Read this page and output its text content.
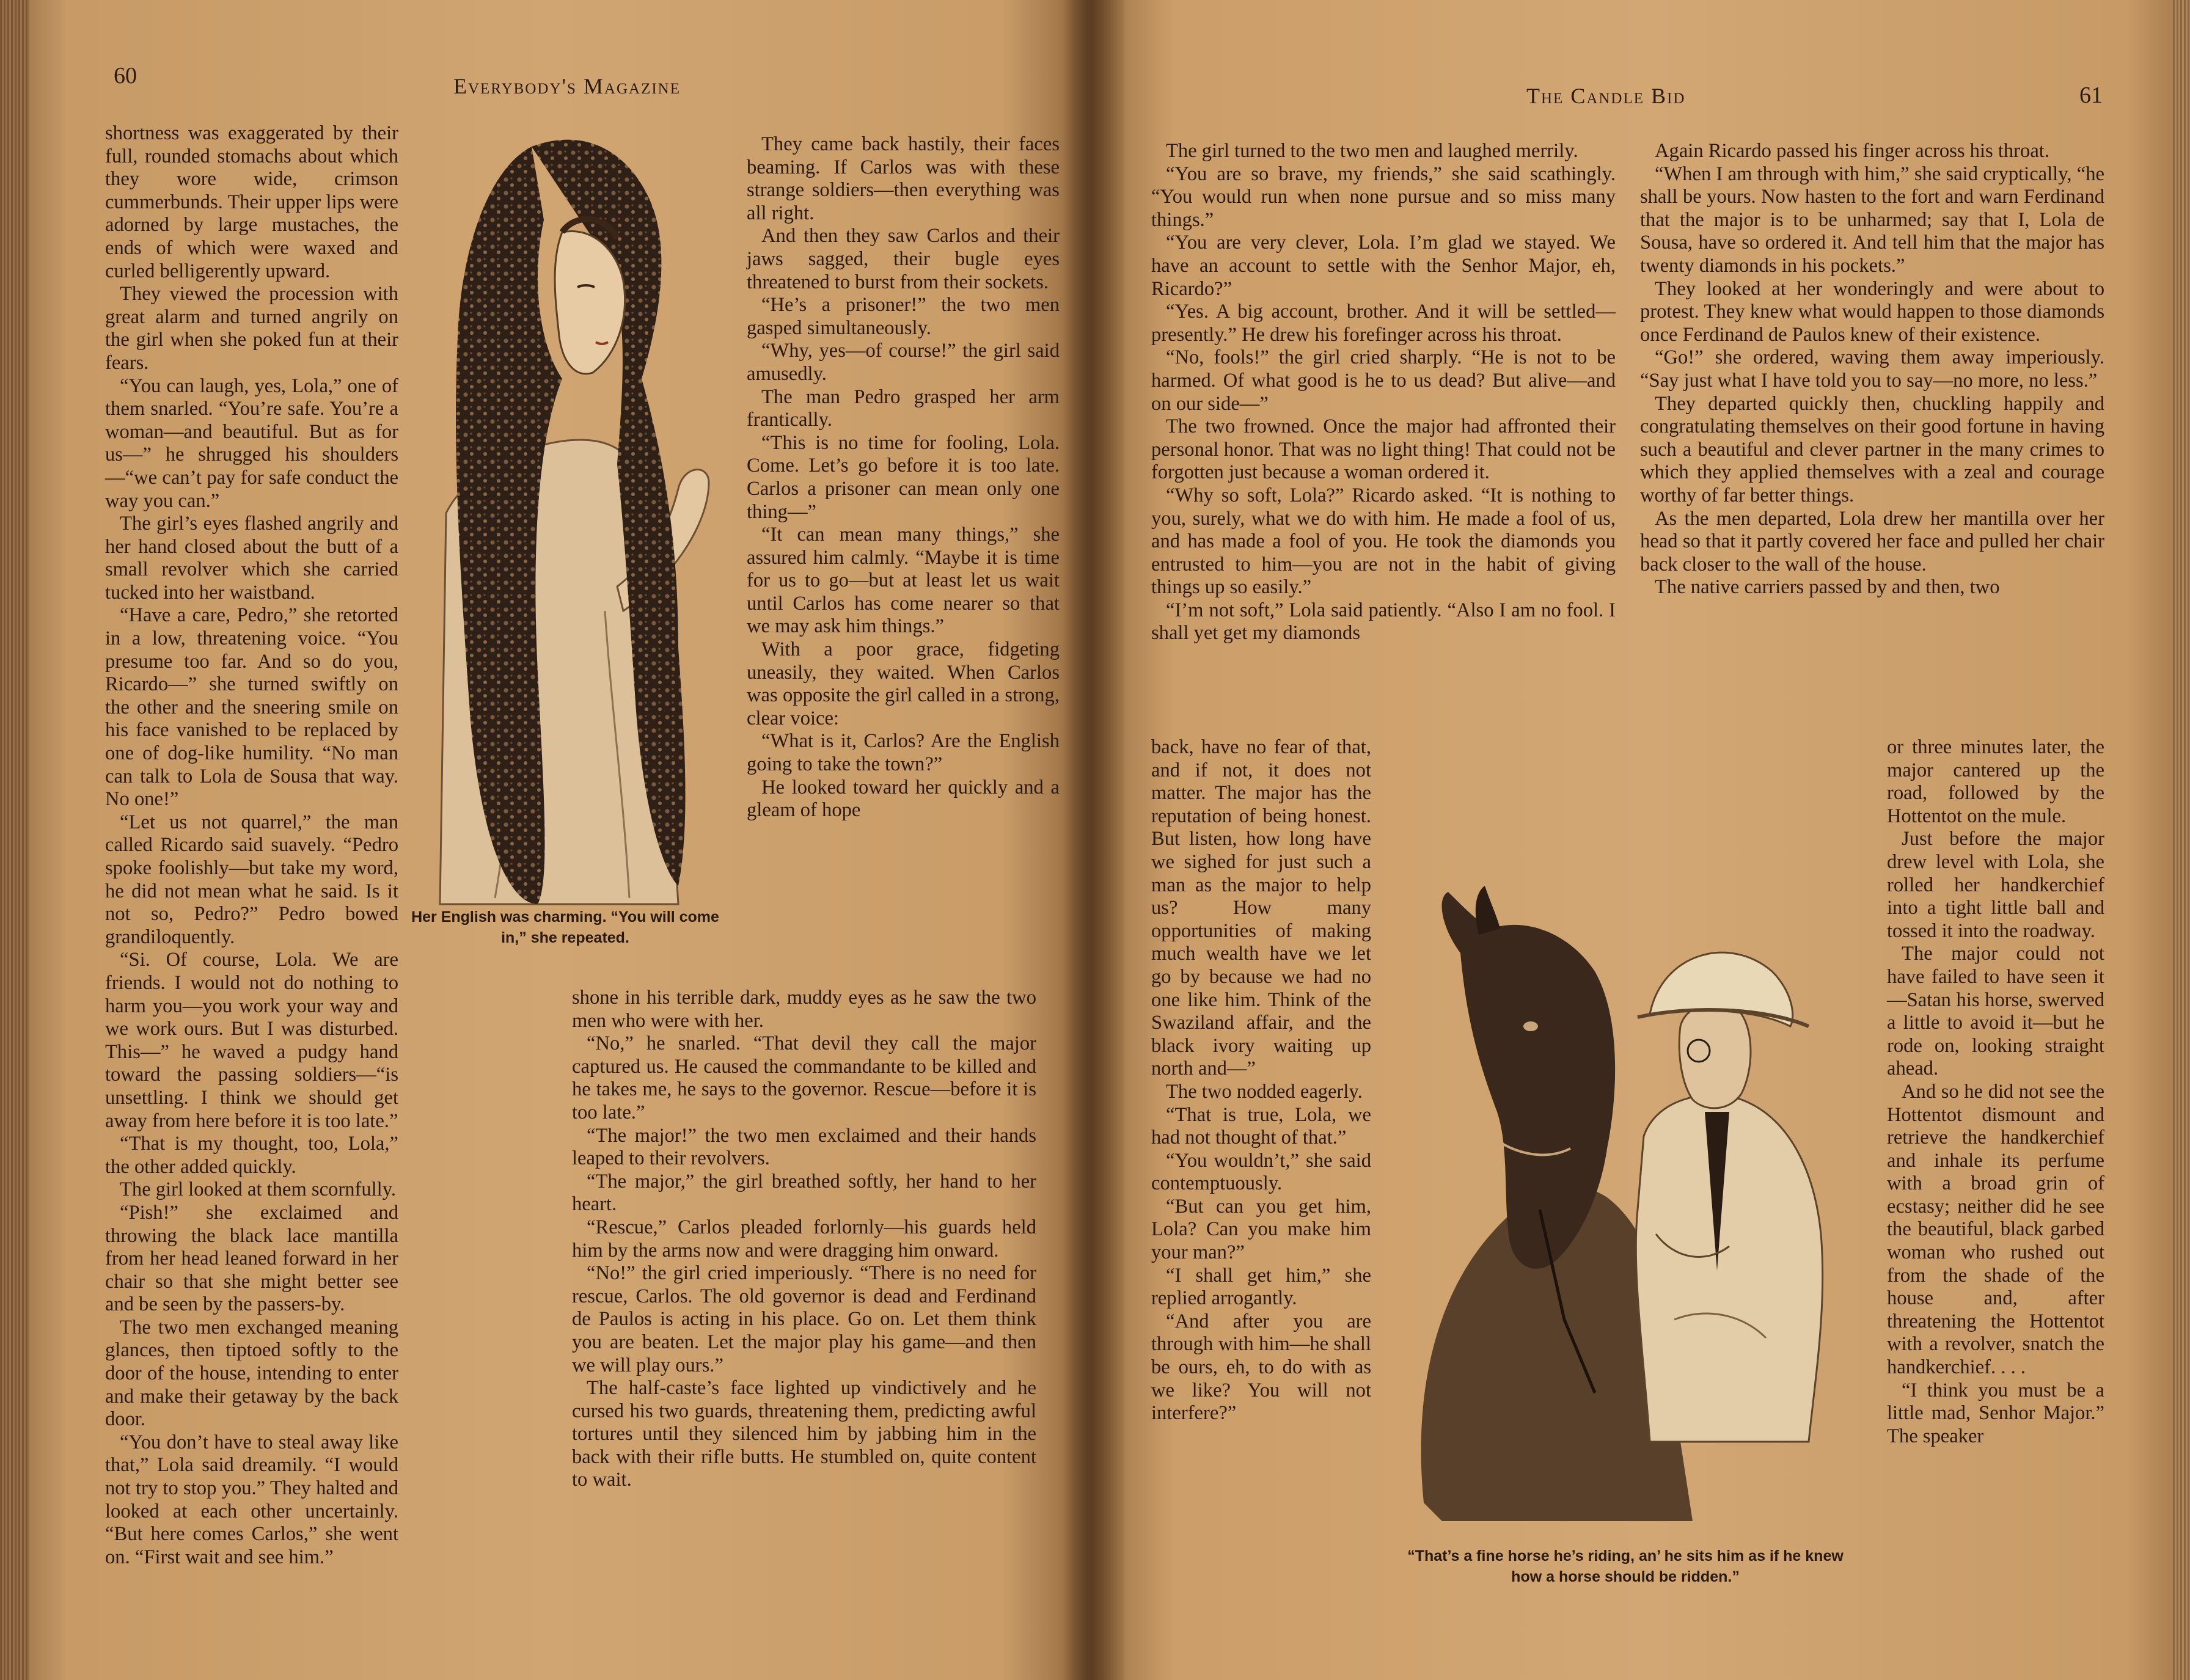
60	Everybody's Magazine

shortness was exaggerated by their full, rounded stomachs about which they wore wide, crimson cummerbunds. Their upper lips were adorned by large mustaches, the ends of which were waxed and curled belligerently upward.

They viewed the procession with great alarm and turned angrily on the girl when she poked fun at their fears.

“You can laugh, yes, Lola,” one of them snarled. “You’re safe. You’re a woman—and beautiful. But as for us—” he shrugged his shoulders—“we can’t pay for safe conduct the way you can.”

The girl’s eyes flashed angrily and her hand closed about the butt of a small revolver which she carried tucked into her waistband.

“Have a care, Pedro,” she retorted in a low, threatening voice. “You presume too far. And so do you, Ricardo—” she turned swiftly on the other and the sneering smile on his face vanished to be replaced by one of dog-like humility. “No man can talk to Lola de Sousa that way. No one!”

“Let us not quarrel,” the man called Ricardo said suavely. “Pedro spoke foolishly—but take my word, he did not mean what he said. Is it not so, Pedro?” Pedro bowed grandiloquently.

“Si. Of course, Lola. We are friends. I would not do nothing to harm you—you work your way and we work ours. But I was disturbed. This—” he waved a pudgy hand toward the passing soldiers—“is unsettling. I think we should get away from here before it is too late.”

“That is my thought, too, Lola,” the other added quickly.

The girl looked at them scornfully.

“Pish!” she exclaimed and throwing the black lace mantilla from her head leaned forward in her chair so that she might better see and be seen by the passers-by.

The two men exchanged meaning glances, then tiptoed softly to the door of the house, intending to enter and make their getaway by the back door.

“You don’t have to steal away like that,” Lola said dreamily. “I would not try to stop you.” They halted and looked at each other uncertainly. “But here comes Carlos,” she went on. “First wait and see him.”

Her English was charming. “You will come in,” she repeated.

They came back hastily, their faces beaming. If Carlos was with these strange soldiers—then everything was all right.

And then they saw Carlos and their jaws sagged, their bugle eyes threatened to burst from their sockets.

“He’s a prisoner!” the two men gasped simultaneously.

“Why, yes—of course!” the girl said amusedly.

The man Pedro grasped her arm frantically.

“This is no time for fooling, Lola. Come. Let’s go before it is too late. Carlos a prisoner can mean only one thing—”

“It can mean many things,” she assured him calmly. “Maybe it is time for us to go—but at least let us wait until Carlos has come nearer so that we may ask him things.”

With a poor grace, fidgeting uneasily, they waited. When Carlos was opposite the girl called in a strong, clear voice:

“What is it, Carlos? Are the English going to take the town?”

He looked toward her quickly and a gleam of hope

shone in his terrible dark, muddy eyes as he saw the two men who were with her.

“No,” he snarled. “That devil they call the major captured us. He caused the commandante to be killed and he takes me, he says to the governor. Rescue—before it is too late.”

“The major!” the two men exclaimed and their hands leaped to their revolvers.

“The major,” the girl breathed softly, her hand to her heart.

“Rescue,” Carlos pleaded forlornly—his guards held him by the arms now and were dragging him onward.

“No!” the girl cried imperiously. “There is no need for rescue, Carlos. The old governor is dead and Ferdinand de Paulos is acting in his place. Go on. Let them think you are beaten. Let the major play his game—and then we will play ours.”

The half-caste’s face lighted up vindictively and he cursed his two guards, threatening them, predicting awful tortures until they silenced him by jabbing him in the back with their rifle butts. He stumbled on, quite content to wait.

The Candle Bid	61

The girl turned to the two men and laughed merrily.

“You are so brave, my friends,” she said scathingly. “You would run when none pursue and so miss many things.”

“You are very clever, Lola. I’m glad we stayed. We have an account to settle with the Senhor Major, eh, Ricardo?”

“Yes. A big account, brother. And it will be settled—presently.” He drew his forefinger across his throat.

“No, fools!” the girl cried sharply. “He is not to be harmed. Of what good is he to us dead? But alive—and on our side—”

The two frowned. Once the major had affronted their personal honor. That was no light thing! That could not be forgotten just because a woman ordered it.

“Why so soft, Lola?” Ricardo asked. “It is nothing to you, surely, what we do with him. He made a fool of us, and has made a fool of you. He took the diamonds you entrusted to him—you are not in the habit of giving things up so easily.”

“I’m not soft,” Lola said patiently. “Also I am no fool. I shall yet get my diamonds

back, have no fear of that, and if not, it does not matter. The major has the reputation of being honest. But listen, how long have we sighed for just such a man as the major to help us? How many opportunities of making much wealth have we let go by because we had no one like him. Think of the Swaziland affair, and the black ivory waiting up north and—”

The two nodded eagerly.

“That is true, Lola, we had not thought of that.”

“You wouldn’t,” she said contemptuously.

“But can you get him, Lola? Can you make him your man?”

“I shall get him,” she replied arrogantly.

“And after you are through with him—he shall be ours, eh, to do with as we like? You will not interfere?”

Again Ricardo passed his finger across his throat.

“When I am through with him,” she said cryptically, “he shall be yours. Now hasten to the fort and warn Ferdinand that the major is to be unharmed; say that I, Lola de Sousa, have so ordered it. And tell him that the major has twenty diamonds in his pockets.”

They looked at her wonderingly and were about to protest. They knew what would happen to those diamonds once Ferdinand de Paulos knew of their existence.

“Go!” she ordered, waving them away imperiously. “Say just what I have told you to say—no more, no less.”

They departed quickly then, chuckling happily and congratulating themselves on their good fortune in having such a beautiful and clever partner in the many crimes to which they applied themselves with a zeal and courage worthy of far better things.

As the men departed, Lola drew her mantilla over her head so that it partly covered her face and pulled her chair back closer to the wall of the house.

The native carriers passed by and then, two

or three minutes later, the major cantered up the road, followed by the Hottentot on the mule.

Just before the major drew level with Lola, she rolled her handkerchief into a tight little ball and tossed it into the roadway.

The major could not have failed to have seen it—Satan his horse, swerved a little to avoid it—but he rode on, looking straight ahead.

And so he did not see the Hottentot dismount and retrieve the handkerchief and inhale its perfume with a broad grin of ecstasy; neither did he see the beautiful, black garbed woman who rushed out from the shade of the house and, after threatening the Hottentot with a revolver, snatch the handkerchief. . . .

“I think you must be a little mad, Senhor Major.” The speaker

“That’s a fine horse he’s riding, an’ he sits him as if he knew how a horse should be ridden.”
